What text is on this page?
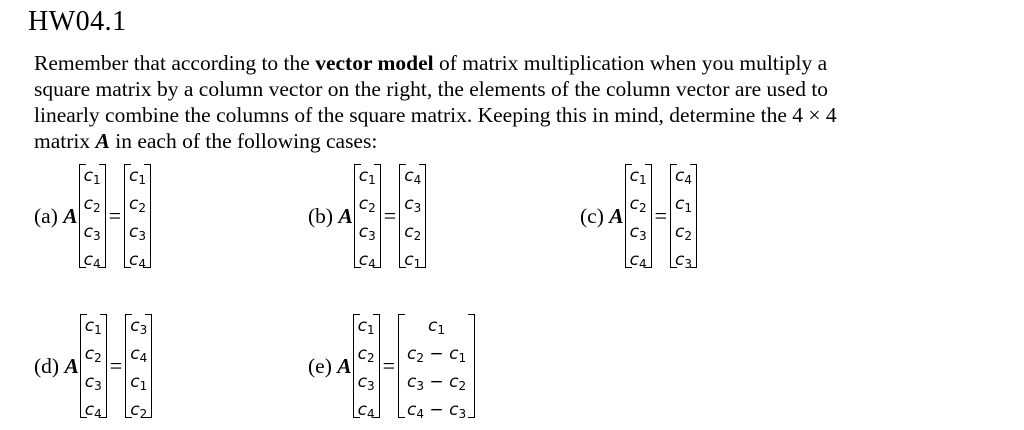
HW04.1
Remember that according to the vector model of matrix multiplication when you multiply a
square matrix by a column vector on the right, the elements of the column vector are used to
linearly combine the columns of the square matrix. Keeping this in mind, determine the 4 × 4
matrix A in each of the following cases:
(a) A
$c_1$
$c_2$
$c_3$
$c_4$
=
$c_1$
$c_2$
$c_3$
$c_4$
(b) A
$c_1$
$c_2$
$c_3$
$c_4$
=
$c_4$
$c_3$
$c_2$
$c_1$
(c) A
$c_1$
$c_2$
$c_3$
$c_4$
=
$c_4$
$c_1$
$c_2$
$c_3$
(d) A
$c_1$
$c_2$
$c_3$
$c_4$
=
$c_3$
$c_4$
$c_1$
$c_2$
(e) A
$c_1$
$c_2$
$c_3$
$c_4$
=
$c_1$
$c_2 - c_1$
$c_3 - c_2$
$c_4 - c_3$
